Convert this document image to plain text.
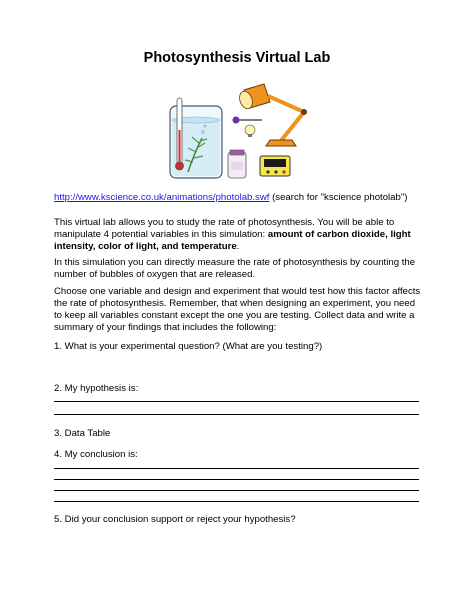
Photosynthesis Virtual Lab
http://www.kscience.co.uk/animations/photolab.swf (search for "kscience photolab")

This virtual lab allows you to study the rate of photosynthesis. You will be able to manipulate 4 potential variables in this simulation: amount of carbon dioxide, light intensity, color of light, and temperature.

In this simulation you can directly measure the rate of photosynthesis by counting the number of bubbles of oxygen that are released.

Choose one variable and design and experiment that would test how this factor affects the rate of photosynthesis. Remember, that when designing an experiment, you need to keep all variables constant except the one you are testing. Collect data and write a summary of your findings that includes the following:

1. What is your experimental question? (What are you testing?)
2. My hypothesis is:
3. Data Table
4. My conclusion is:
5. Did your conclusion support or reject your hypothesis?
